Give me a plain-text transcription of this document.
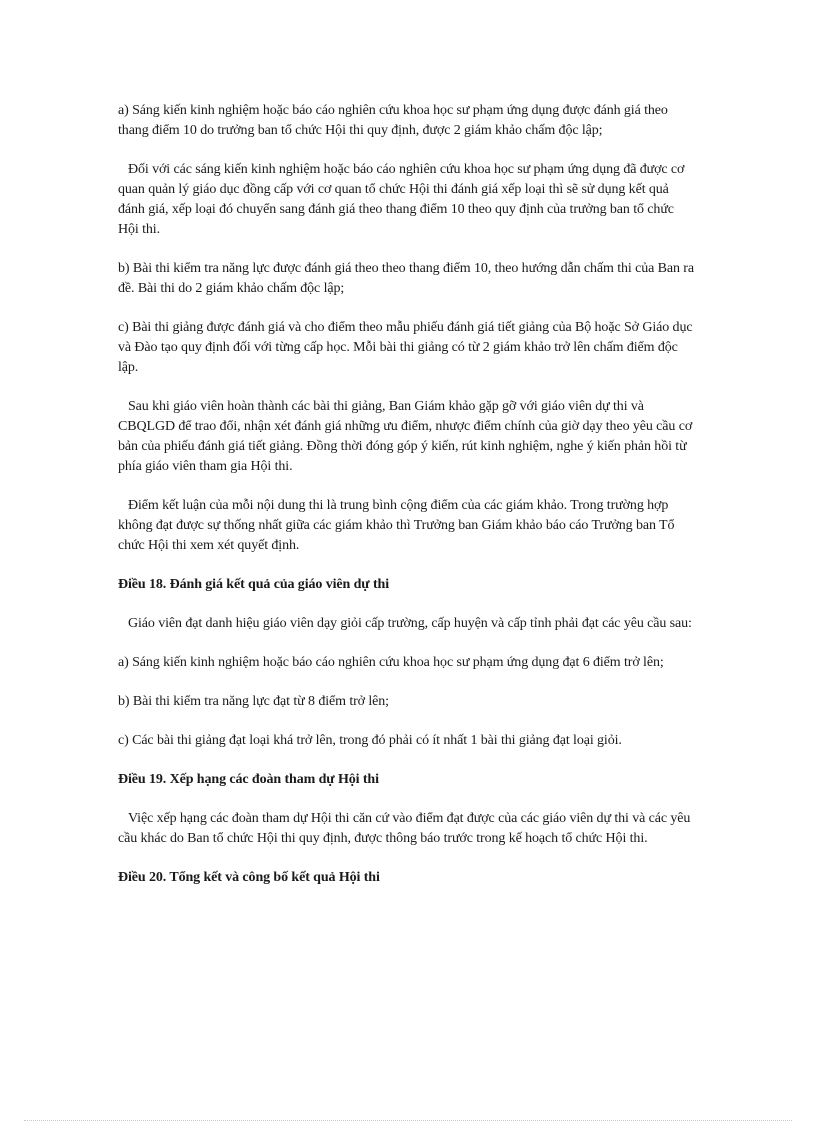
a) Sáng kiến kinh nghiệm hoặc báo cáo nghiên cứu khoa học sư phạm ứng dụng được đánh giá theo thang điểm 10 do trưởng ban tổ chức Hội thi quy định, được 2 giám khảo chấm độc lập;

Đối với các sáng kiến kinh nghiệm hoặc báo cáo nghiên cứu khoa học sư phạm ứng dụng đã được cơ quan quản lý giáo dục đồng cấp với cơ quan tổ chức Hội thi đánh giá xếp loại thì sẽ sử dụng kết quả đánh giá, xếp loại đó chuyển sang đánh giá theo thang điểm 10 theo quy định của trưởng ban tổ chức Hội thi.

b) Bài thi kiểm tra năng lực được đánh giá theo theo thang điểm 10, theo hướng dẫn chấm thi của Ban ra đề. Bài thi do 2 giám khảo chấm độc lập;

c) Bài thi giảng được đánh giá và cho điểm theo mẫu phiếu đánh giá tiết giảng của Bộ hoặc Sở Giáo dục và Đào tạo quy định đối với từng cấp học. Mỗi bài thi giảng có từ 2 giám khảo trở lên chấm điểm độc lập.

Sau khi giáo viên hoàn thành các bài thi giảng, Ban Giám khảo gặp gỡ với giáo viên dự thi và CBQLGD để trao đổi, nhận xét đánh giá những ưu điểm, nhược điểm chính của giờ dạy theo yêu cầu cơ bản của phiếu đánh giá tiết giảng. Đồng thời đóng góp ý kiến, rút kinh nghiệm, nghe ý kiến phản hồi từ phía giáo viên tham gia Hội thi.

Điểm kết luận của mỗi nội dung thi là trung bình cộng điểm của các giám khảo. Trong trường hợp không đạt được sự thống nhất giữa các giám khảo thì Trưởng ban Giám khảo báo cáo Trưởng ban Tổ chức Hội thi xem xét quyết định.

Điều 18. Đánh giá kết quả của giáo viên dự thi

Giáo viên đạt danh hiệu giáo viên dạy giỏi cấp trường, cấp huyện và cấp tỉnh phải đạt các yêu cầu sau:

a) Sáng kiến kinh nghiệm hoặc báo cáo nghiên cứu khoa học sư phạm ứng dụng đạt 6 điểm trở lên;

b) Bài thi kiểm tra năng lực đạt từ 8 điểm trở lên;

c) Các bài thi giảng đạt loại khá trở lên, trong đó phải có ít nhất 1 bài thi giảng đạt loại giỏi.

Điều 19. Xếp hạng các đoàn tham dự Hội thi

Việc xếp hạng các đoàn tham dự Hội thi căn cứ vào điểm đạt được của các giáo viên dự thi và các yêu cầu khác do Ban tổ chức Hội thi quy định, được thông báo trước trong kế hoạch tổ chức Hội thi.

Điều 20. Tổng kết và công bố kết quả Hội thi
